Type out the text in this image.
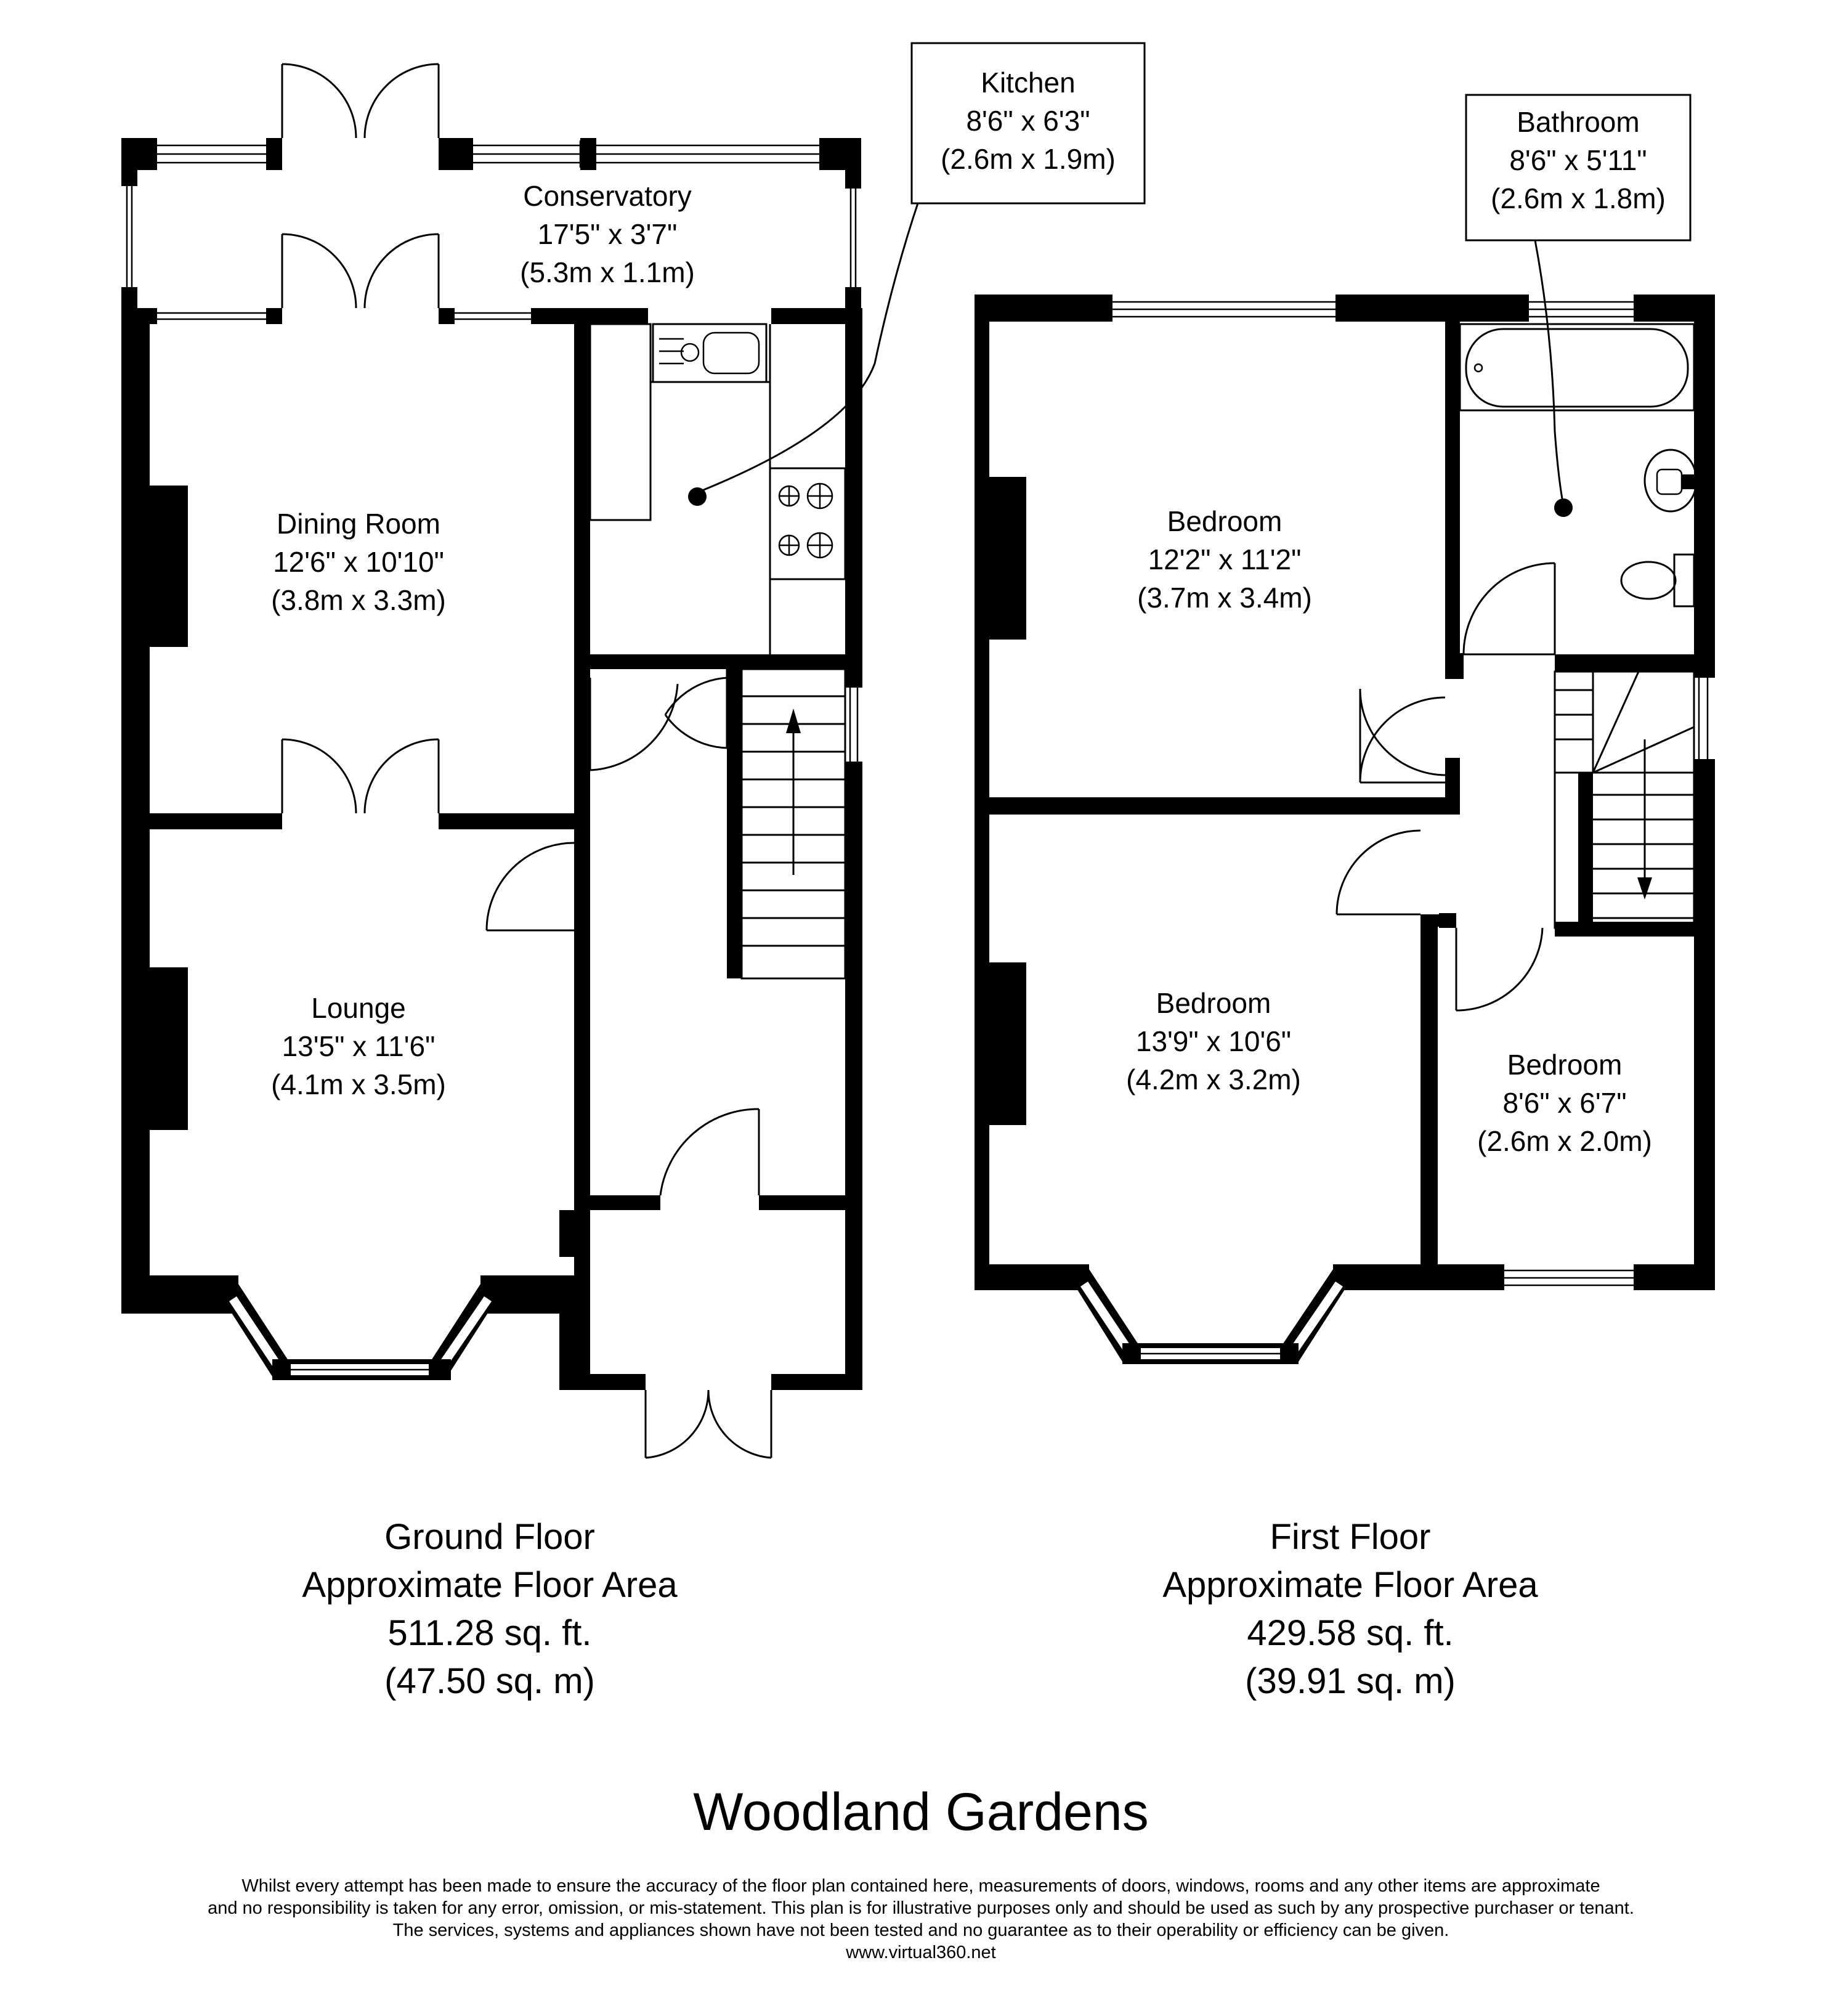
Kitchen
8'6" x 6'3"
(2.6m x 1.9m)
Conservatory
17'5" x 3'7"
(5.3m x 1.1m)
Dining Room
12'6" x 10'10"
(3.8m x 3.3m)
Lounge
13'5" x 11'6"
(4.1m x 3.5m)
Bathroom
8'6" x 5'11"
(2.6m x 1.8m)
Bedroom
12'2" x 11'2"
(3.7m x 3.4m)
Bedroom
13'9" x 10'6"
(4.2m x 3.2m)	Bedroom
8'6" x 6'7"
(2.6m x 2.0m)
Ground Floor
Approximate Floor Area
511.28 sq. ft.
(47.50 sq. m)
First Floor
Approximate Floor Area
429.58 sq. ft.
(39.91 sq. m)
Woodland Gardens
Whilst every attempt has been made to ensure the accuracy of the floor plan contained here, measurements of doors, windows, rooms and any other items are approximate
and no responsibility is taken for any error, omission, or mis-statement. This plan is for illustrative purposes only and should be used as such by any prospective purchaser or tenant.
The services, systems and appliances shown have not been tested and no guarantee as to their operability or efficiency can be given.
www.virtual360.net
